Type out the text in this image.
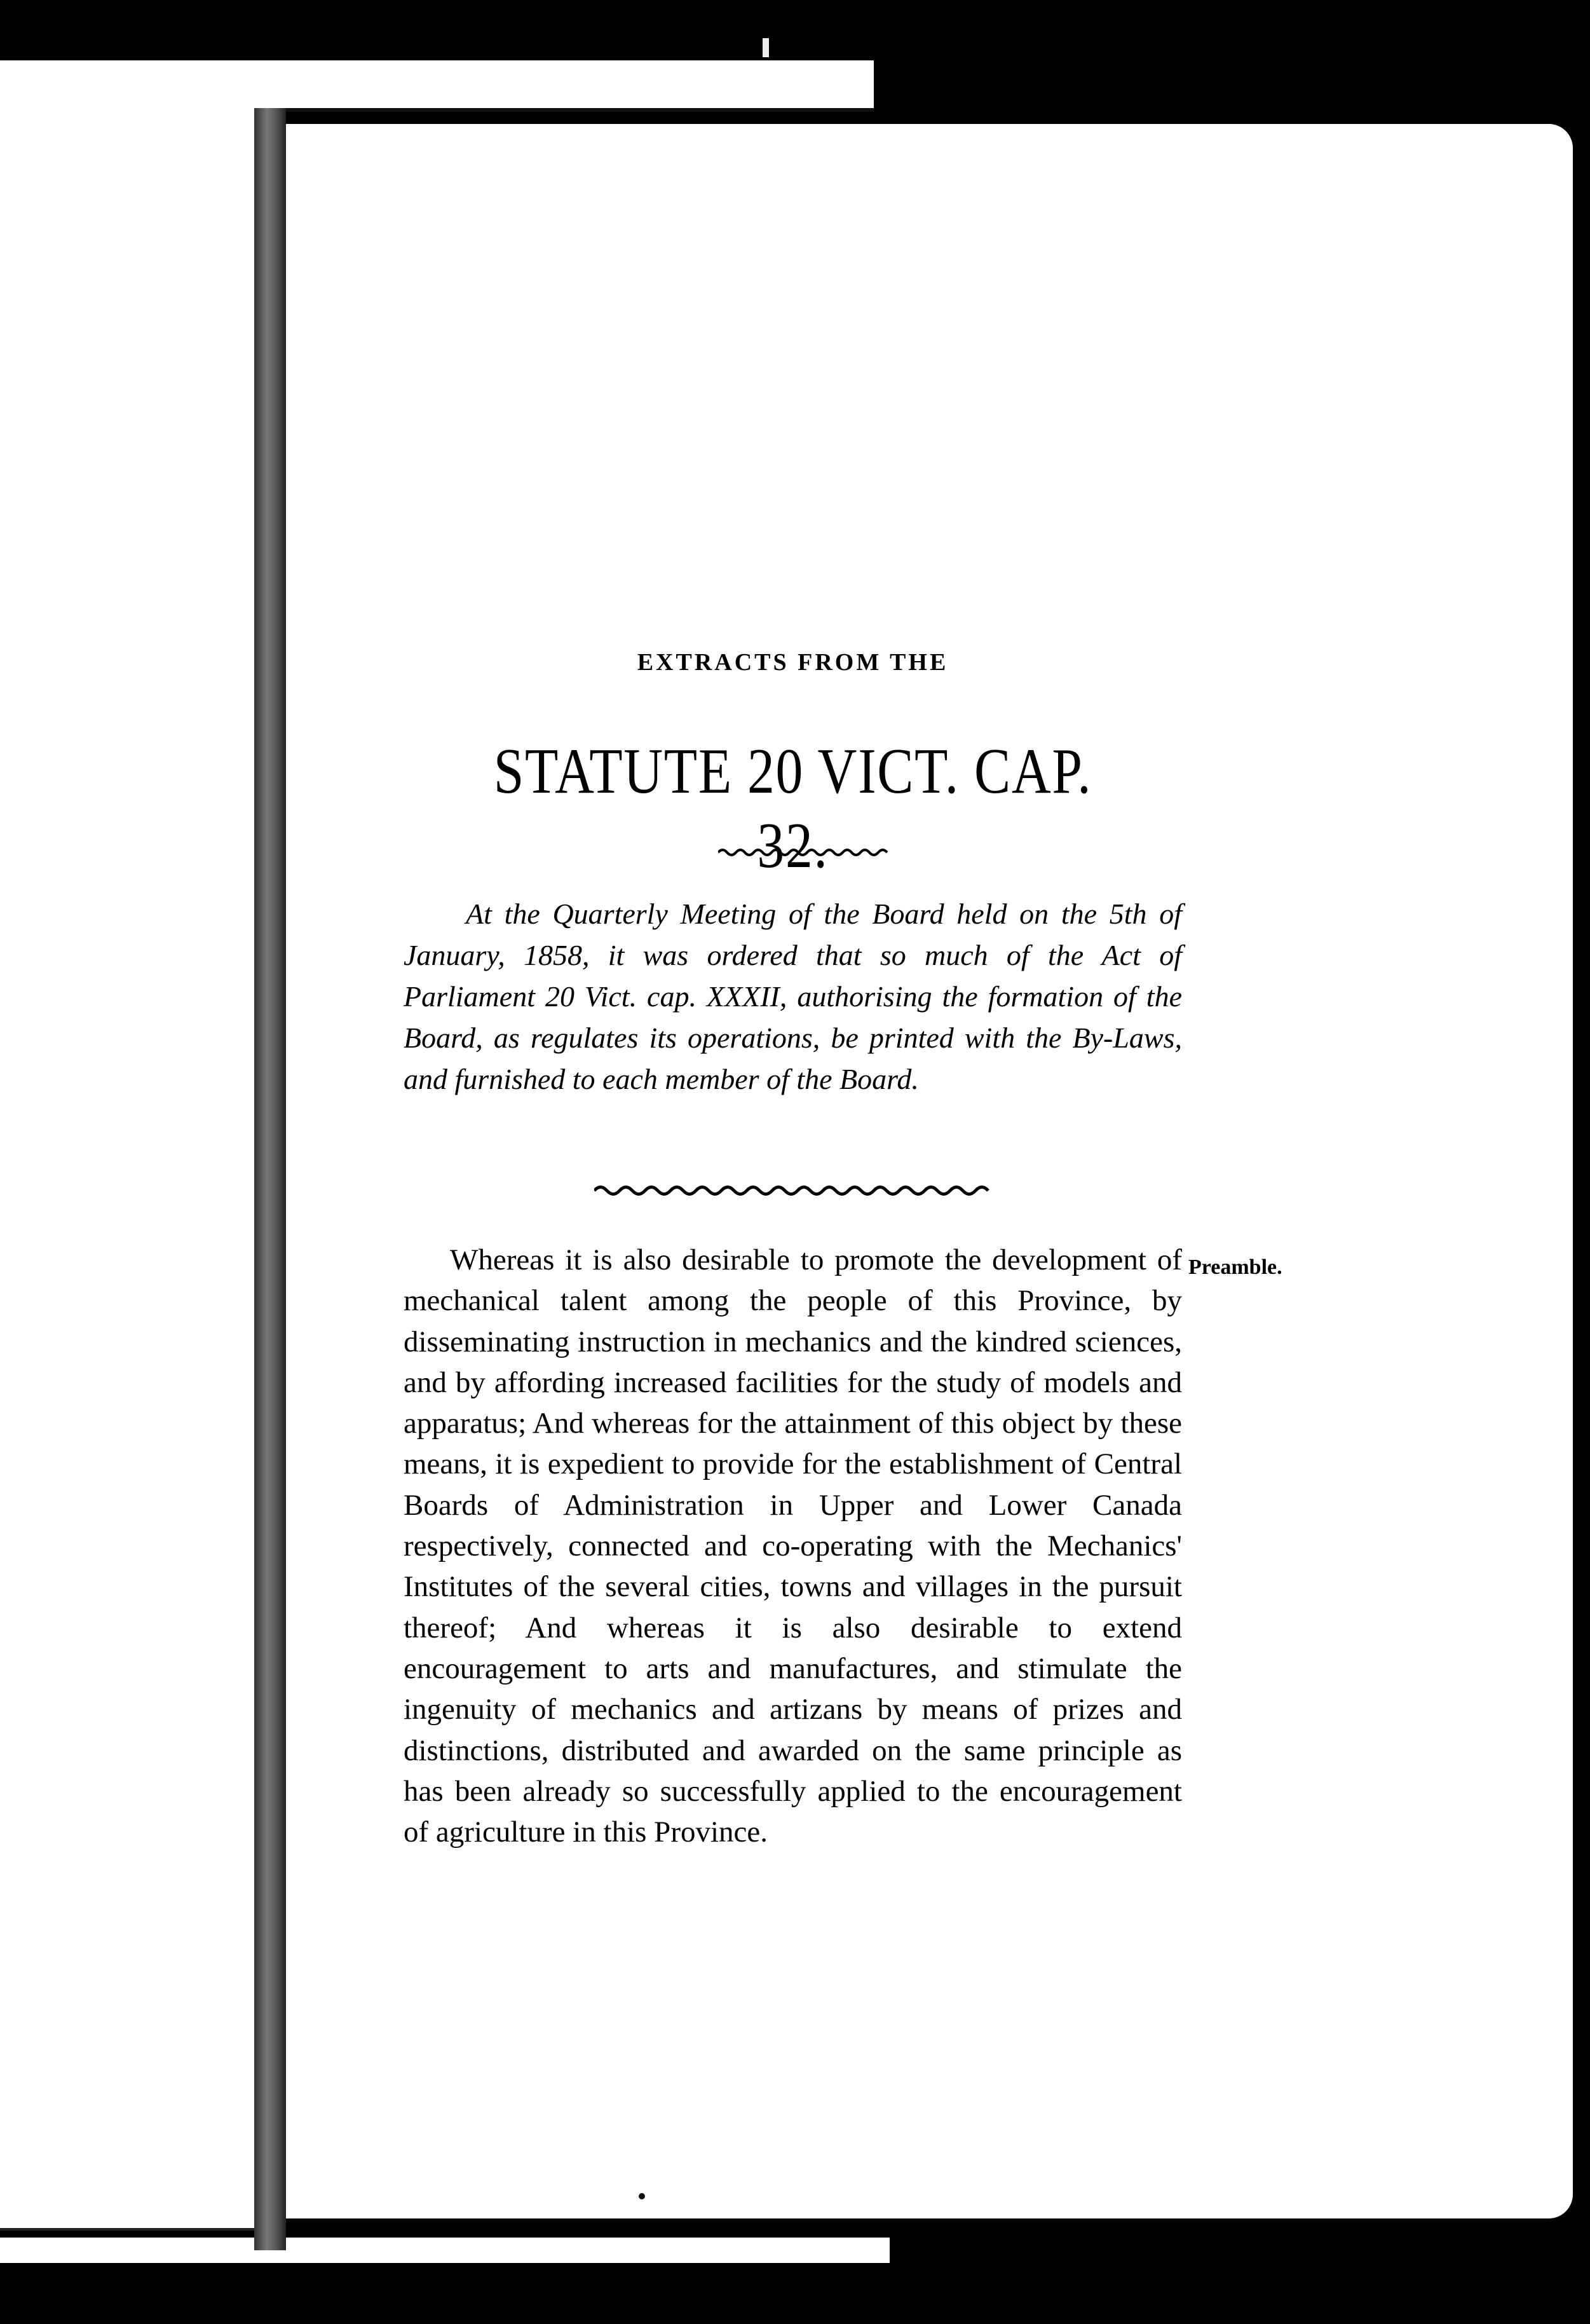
EXTRACTS FROM THE
STATUTE 20 VICT. CAP. 32.
At the Quarterly Meeting of the Board held on the 5th of January, 1858, it was ordered that so much of the Act of Parliament 20 Vict. cap. XXXII, authorising the formation of the Board, as regulates its operations, be printed with the By-Laws, and furnished to each member of the Board.
Whereas it is also desirable to promote the development of mechanical talent among the people of this Province, by disseminating instruction in mechanics and the kindred sciences, and by affording increased facilities for the study of models and apparatus; And whereas for the attainment of this object by these means, it is expedient to provide for the establishment of Central Boards of Administration in Upper and Lower Canada respectively, connected and co-operating with the Mechanics' Institutes of the several cities, towns and villages in the pursuit thereof; And whereas it is also desirable to extend encouragement to arts and manufactures, and stimulate the ingenuity of mechanics and artizans by means of prizes and distinctions, distributed and awarded on the same principle as has been already so successfully applied to the encouragement of agriculture in this Province.
Preamble.
